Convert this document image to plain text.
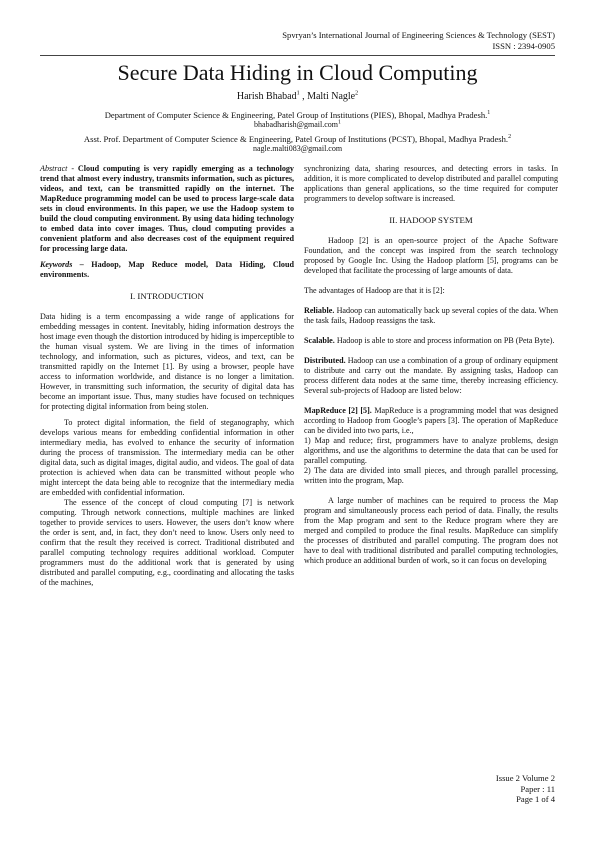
Spvryan’s International Journal of Engineering Sciences & Technology (SEST)
ISSN : 2394-0905
Secure Data Hiding in Cloud Computing
Harish Bhabad$^1$ , Malti Nagle$^2$
Department of Computer Science & Engineering, Patel Group of Institutions (PIES), Bhopal, Madhya Pradesh.$^1$
bhabadharish@gmail.com$^1$
Asst. Prof. Department of Computer Science & Engineering, Patel Group of Institutions (PCST), Bhopal, Madhya Pradesh.$^2$
nagle.malti083@gmail.com

Abstract - Cloud computing is very rapidly emerging as a technology trend that almost every industry, transmits information, such as pictures, videos, and text, can be transmitted rapidly on the internet. The MapReduce programming model can be used to process large-scale data sets in cloud environments. In this paper, we use the Hadoop system to build the cloud computing environment. By using data hiding technology to embed data into cover images. Thus, cloud computing provides a convenient platform and also decreases cost of the equipment required for processing large data.

Keywords – Hadoop, Map Reduce model, Data Hiding, Cloud environments.

I. INTRODUCTION

Data hiding is a term encompassing a wide range of applications for embedding messages in content. Inevitably, hiding information destroys the host image even though the distortion introduced by hiding is imperceptible to the human visual system. We are living in the times of information technology, and information, such as pictures, videos, and text, can be transmitted rapidly on the Internet [1]. By using a browser, people have access to information worldwide, and distance is no longer a limitation. However, in transmitting such information, the security of digital data has become an important issue. Thus, many studies have focused on techniques for protecting digital information from being stolen.

To protect digital information, the field of steganography, which develops various means for embedding confidential information in other intermediary media, has evolved to enhance the security of information during the process of transmission. The intermediary media can be other digital data, such as digital images, digital audio, and videos. The goal of data protection is achieved when data can be transmitted without people who might intercept the data being able to recognize that the intermediary media are embedded with confidential information.

The essence of the concept of cloud computing [7] is network computing. Through network connections, multiple machines are linked together to provide services to users. However, the users don’t know where the order is sent, and, in fact, they don’t need to know. Users only need to confirm that the result they received is correct. Traditional distributed and parallel computing technology requires additional workload. Computer programmers must do the additional work that is generated by using distributed and parallel computing, e.g., coordinating and allocating the tasks of the machines,

synchronizing data, sharing resources, and detecting errors in tasks. In addition, it is more complicated to develop distributed and parallel computing applications than general applications, so the time required for computer programmers to develop software is increased.

II. HADOOP SYSTEM

Hadoop [2] is an open-source project of the Apache Software Foundation, and the concept was inspired from the search technology proposed by Google Inc. Using the Hadoop platform [5], programs can be developed that facilitate the processing of large amounts of data.

The advantages of Hadoop are that it is [2]:

Reliable. Hadoop can automatically back up several copies of the data. When the task fails, Hadoop reassigns the task.

Scalable. Hadoop is able to store and process information on PB (Peta Byte).

Distributed. Hadoop can use a combination of a group of ordinary equipment to distribute and carry out the mandate. By assigning tasks, Hadoop can process different data nodes at the same time, thereby increasing efficiency. Several sub-projects of Hadoop are listed below:

MapReduce [2] [5]. MapReduce is a programming model that was designed according to Hadoop from Google’s papers [3]. The operation of MapReduce can be divided into two parts, i.e.,

1) Map and reduce; first, programmers have to analyze problems, design algorithms, and use the algorithms to determine the data that can be used for parallel computing.

2) The data are divided into small pieces, and through parallel processing, written into the program, Map.

A large number of machines can be required to process the Map program and simultaneously process each period of data. Finally, the results from the Map program and sent to the Reduce program where they are merged and compiled to produce the final results. MapReduce can simplify the processes of distributed and parallel computing. The program does not have to deal with traditional distributed and parallel computing technologies, which produce an additional burden of work, so it can focus on developing

Issue 2 Volume 2
Paper : 11
Page 1 of 4
